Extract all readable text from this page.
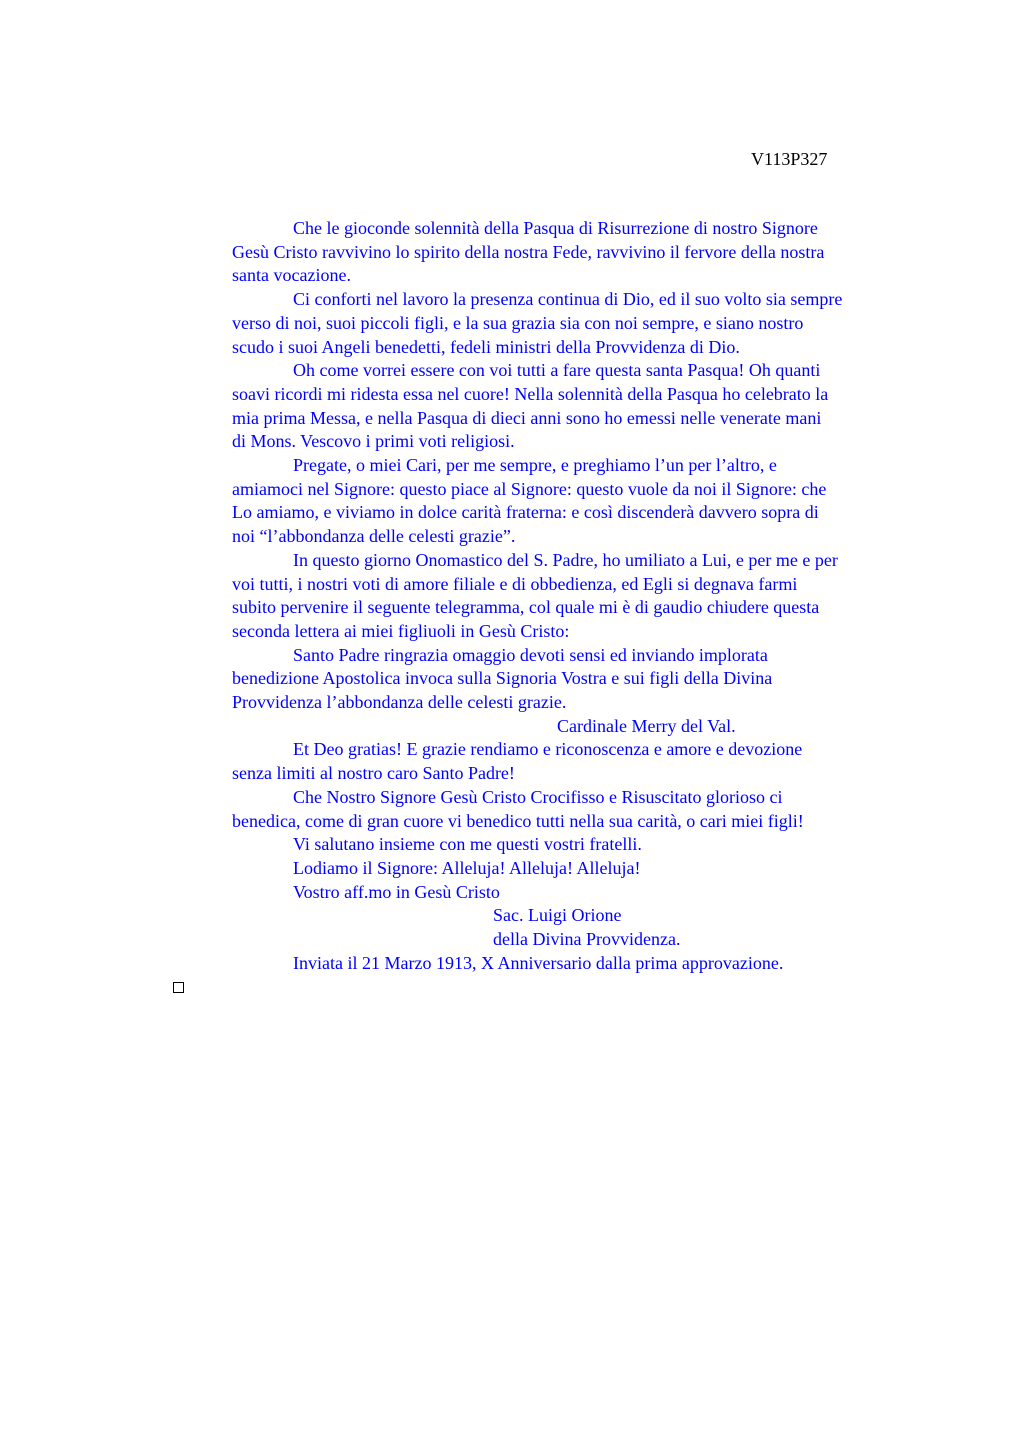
V113P327

Che le gioconde solennità della Pasqua di Risurrezione di nostro Signore

Gesù Cristo ravvivino lo spirito della nostra Fede, ravvivino il fervore della nostra

santa vocazione.

Ci conforti nel lavoro la presenza continua di Dio, ed il suo volto sia sempre

verso di noi, suoi piccoli figli, e la sua grazia sia con noi sempre, e siano nostro

scudo i suoi Angeli benedetti, fedeli ministri della Provvidenza di Dio.

Oh come vorrei essere con voi tutti a fare questa santa Pasqua! Oh quanti

soavi ricordi mi ridesta essa nel cuore! Nella solennità della Pasqua ho celebrato la

mia prima Messa, e nella Pasqua di dieci anni sono ho emessi nelle venerate mani

di Mons. Vescovo i primi voti religiosi.

Pregate, o miei Cari, per me sempre, e preghiamo l’un per l’altro, e

amiamoci nel Signore: questo piace al Signore: questo vuole da noi il Signore: che

Lo amiamo, e viviamo in dolce carità fraterna: e così discenderà davvero sopra di

noi “l’abbondanza delle celesti grazie”.

In questo giorno Onomastico del S. Padre, ho umiliato a Lui, e per me e per

voi tutti, i nostri voti di amore filiale e di obbedienza, ed Egli si degnava farmi

subito pervenire il seguente telegramma, col quale mi è di gaudio chiudere questa

seconda lettera ai miei figliuoli in Gesù Cristo:

Santo Padre ringrazia omaggio devoti sensi ed inviando implorata

benedizione Apostolica invoca sulla Signoria Vostra e sui figli della Divina

Provvidenza l’abbondanza delle celesti grazie.

Cardinale Merry del Val.

Et Deo gratias! E grazie rendiamo e riconoscenza e amore e devozione

senza limiti al nostro caro Santo Padre!

Che Nostro Signore Gesù Cristo Crocifisso e Risuscitato glorioso ci

benedica, come di gran cuore vi benedico tutti nella sua carità, o cari miei figli!

Vi salutano insieme con me questi vostri fratelli.

Lodiamo il Signore: Alleluja! Alleluja! Alleluja!

Vostro aff.mo in Gesù Cristo

Sac. Luigi Orione

della Divina Provvidenza.

Inviata il 21 Marzo 1913, X Anniversario dalla prima approvazione.
